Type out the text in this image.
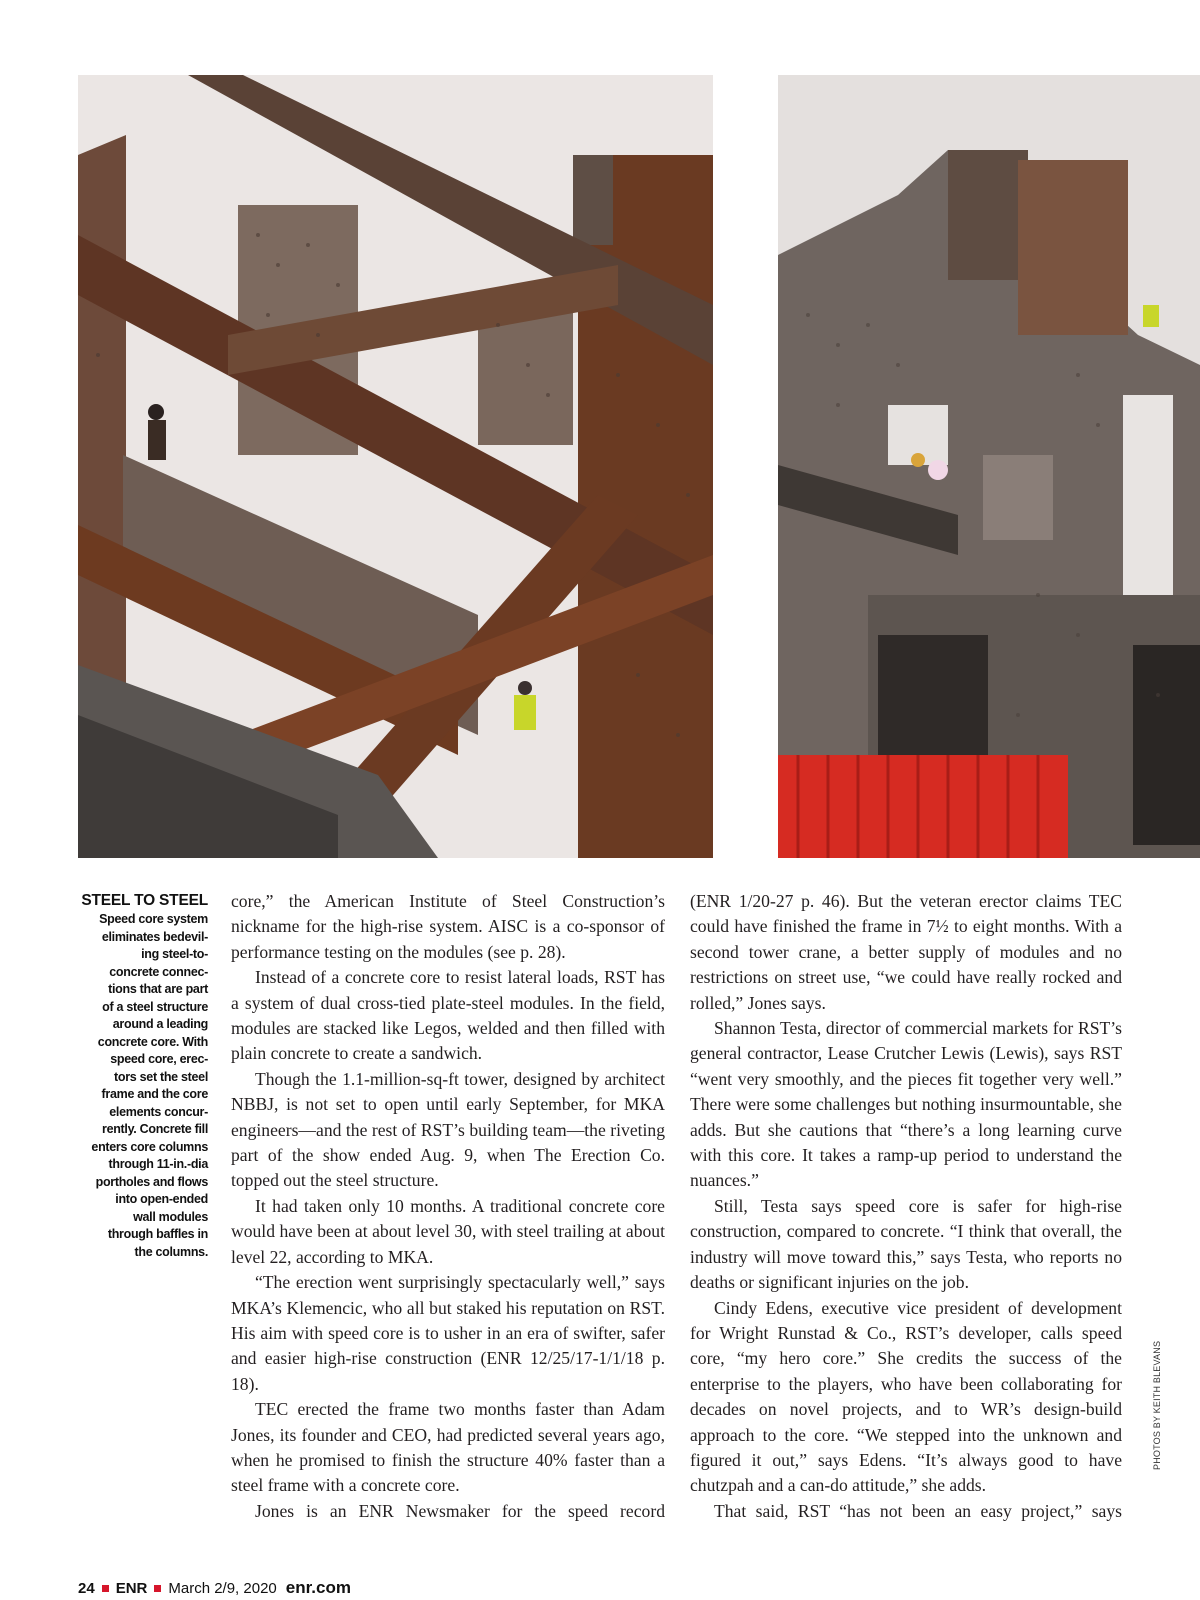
STEEL TO STEEL
Speed core system
eliminates bedevil-
ing steel-to-
concrete connec-
tions that are part
of a steel structure
around a leading
concrete core. With
speed core, erec-
tors set the steel
frame and the core
elements concur-
rently. Concrete fill
enters core columns
through 11-in.-dia
portholes and flows
into open-ended
wall modules
through baffles in
the columns.

core,” the American Institute of Steel Construction’s nickname for the high-rise system. AISC is a co-sponsor of performance testing on the modules (see p. 28).

Instead of a concrete core to resist lateral loads, RST has a system of dual cross-tied plate-steel modules. In the field, modules are stacked like Legos, welded and then filled with plain concrete to create a sandwich.

Though the 1.1-million-sq-ft tower, designed by architect NBBJ, is not set to open until early September, for MKA engineers—and the rest of RST’s building team—the riveting part of the show ended Aug. 9, when The Erection Co. topped out the steel structure.

It had taken only 10 months. A traditional concrete core would have been at about level 30, with steel trailing at about level 22, according to MKA.

“The erection went surprisingly spectacularly well,” says MKA’s Klemencic, who all but staked his reputation on RST. His aim with speed core is to usher in an era of swifter, safer and easier high-rise construction (ENR 12/25/17-1/1/18 p. 18).

TEC erected the frame two months faster than Adam Jones, its founder and CEO, had predicted several years ago, when he promised to finish the structure 40% faster than a steel frame with a concrete core.

Jones is an ENR Newsmaker for the speed record

(ENR 1/20-27 p. 46). But the veteran erector claims TEC could have finished the frame in 7½ to eight months. With a second tower crane, a better supply of modules and no restrictions on street use, “we could have really rocked and rolled,” Jones says.

Shannon Testa, director of commercial markets for RST’s general contractor, Lease Crutcher Lewis (Lewis), says RST “went very smoothly, and the pieces fit together very well.” There were some challenges but nothing insurmountable, she adds. But she cautions that “there’s a long learning curve with this core. It takes a ramp-up period to understand the nuances.”

Still, Testa says speed core is safer for high-rise construction, compared to concrete. “I think that overall, the industry will move toward this,” says Testa, who reports no deaths or significant injuries on the job.

Cindy Edens, executive vice president of development for Wright Runstad & Co., RST’s developer, calls speed core, “my hero core.” She credits the success of the enterprise to the players, who have been collaborating for decades on novel projects, and to WR’s design-build approach to the core. “We stepped into the unknown and figured it out,” says Edens. “It’s always good to have chutzpah and a can-do attitude,” she adds.

That said, RST “has not been an easy project,” says

PHOTOS BY KEITH BLEVANS
24 ENR March 2/9, 2020 enr.com
